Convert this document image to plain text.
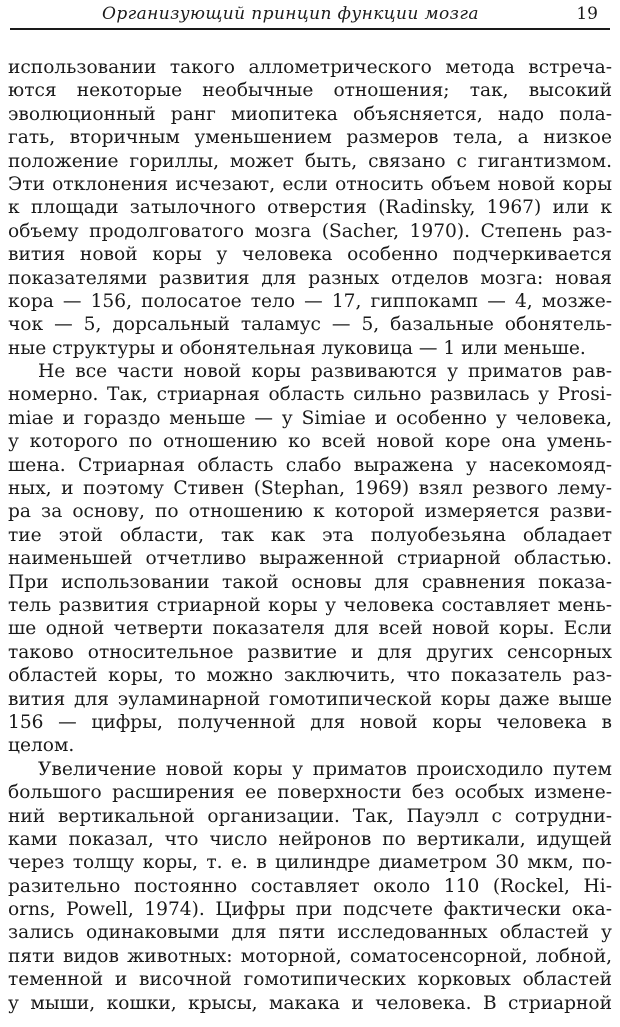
Организующий принцип функции мозга	19
использовании такого аллометрического метода встреча-
ются некоторые необычные отношения; так, высокий
эволюционный ранг миопитека объясняется, надо пола-
гать, вторичным уменьшением размеров тела, а низкое
положение гориллы, может быть, связано с гигантизмом.
Эти отклонения исчезают, если относить объем новой коры
к площади затылочного отверстия (Radinsky, 1967) или к
объему продолговатого мозга (Sacher, 1970). Степень раз-
вития новой коры у человека особенно подчеркивается
показателями развития для разных отделов мозга: новая
кора — 156, полосатое тело — 17, гиппокамп — 4, мозже-
чок — 5, дорсальный таламус — 5, базальные обонятель-
ные структуры и обонятельная луковица — 1 или меньше.
Не все части новой коры развиваются у приматов рав-
номерно. Так, стриарная область сильно развилась у Prosi-
miae и гораздо меньше — у Simiae и особенно у человека,
у которого по отношению ко всей новой коре она умень-
шена. Стриарная область слабо выражена у насекомояд-
ных, и поэтому Стивен (Stephan, 1969) взял резвого лему-
ра за основу, по отношению к которой измеряется разви-
тие этой области, так как эта полуобезьяна обладает
наименьшей отчетливо выраженной стриарной областью.
При использовании такой основы для сравнения показа-
тель развития стриарной коры у человека составляет мень-
ше одной четверти показателя для всей новой коры. Если
таково относительное развитие и для других сенсорных
областей коры, то можно заключить, что показатель раз-
вития для эуламинарной гомотипической коры даже выше
156 — цифры, полученной для новой коры человека в
целом.
Увеличение новой коры у приматов происходило путем
большого расширения ее поверхности без особых измене-
ний вертикальной организации. Так, Пауэлл с сотрудни-
ками показал, что число нейронов по вертикали, идущей
через толщу коры, т. е. в цилиндре диаметром 30 мкм, по-
разительно постоянно составляет около 110 (Rockel, Hi-
orns, Powell, 1974). Цифры при подсчете фактически ока-
зались одинаковыми для пяти исследованных областей у
пяти видов животных: моторной, соматосенсорной, лобной,
теменной и височной гомотипических корковых областей
у мыши, кошки, крысы, макака и человека. В стриарной
